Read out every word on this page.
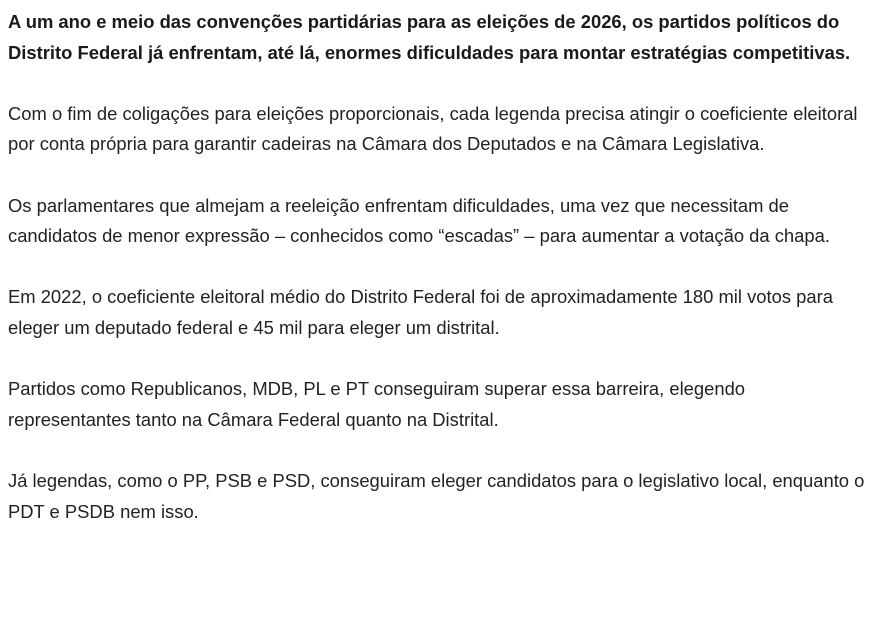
A um ano e meio das convenções partidárias para as eleições de 2026, os partidos políticos do Distrito Federal já enfrentam, até lá, enormes dificuldades para montar estratégias competitivas.

Com o fim de coligações para eleições proporcionais, cada legenda precisa atingir o coeficiente eleitoral por conta própria para garantir cadeiras na Câmara dos Deputados e na Câmara Legislativa.

Os parlamentares que almejam a reeleição enfrentam dificuldades, uma vez que necessitam de candidatos de menor expressão – conhecidos como “escadas” – para aumentar a votação da chapa.

Em 2022, o coeficiente eleitoral médio do Distrito Federal foi de aproximadamente 180 mil votos para eleger um deputado federal e 45 mil para eleger um distrital.

Partidos como Republicanos, MDB, PL e PT conseguiram superar essa barreira, elegendo representantes tanto na Câmara Federal quanto na Distrital.

Já legendas, como o PP, PSB e PSD, conseguiram eleger candidatos para o legislativo local, enquanto o PDT e PSDB nem isso.
